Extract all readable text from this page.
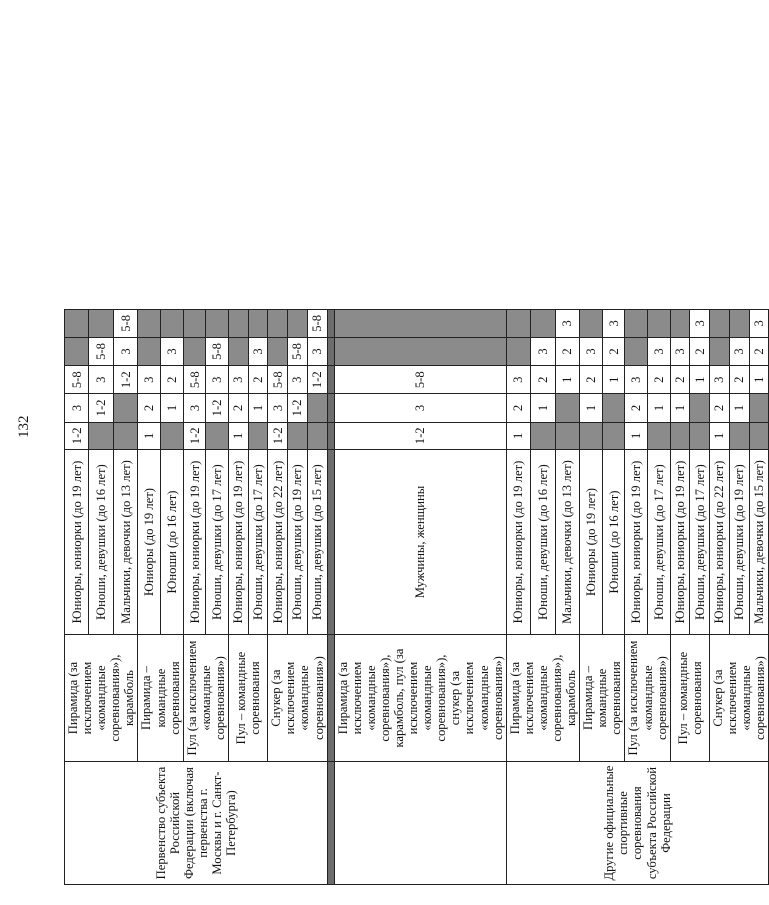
132
Первенство субъекта Российской Федерации (включая первенства г. Москвы и г. Санкт-Петербурга)	Пирамида (за исключением «командные соревнования»), карамболь	Юниоры, юниорки (до 19 лет)	1-2	3	5-8		
		Юноши, девушки (до 16 лет)		1-2	3	5-8	
		Мальчики, девочки (до 13 лет)			1-2	3	5-8
	Пирамида – командные соревнования	Юниоры (до 19 лет)	1	2	3		
		Юноши (до 16 лет)		1	2	3	
	Пул (за исключением «командные соревнования»)	Юниоры, юниорки (до 19 лет)	1-2	3	5-8		
		Юноши, девушки (до 17 лет)		1-2	3	5-8	
	Пул – командные соревнования	Юниоры, юниорки (до 19 лет)	1	2	3		
		Юноши, девушки (до 17 лет)		1	2	3	
	Снукер (за исключением «командные соревнования»)	Юниоры, юниорки (до 22 лет)	1-2	3	5-8		
		Юноши, девушки (до 19 лет)		1-2	3	5-8	
		Юноши, девушки (до 15 лет)			1-2	3	5-8

	Пирамида (за исключением «командные соревнования»), карамболь, пул (за исключением «командные соревнования»), снукер (за исключением «командные соревнования»)	Мужчины, женщины	1-2	3	5-8		
Другие официальные спортивные соревнования субъекта Российской Федерации	Пирамида (за исключением «командные соревнования»), карамболь	Юниоры, юниорки (до 19 лет)	1	2	3		
		Юноши, девушки (до 16 лет)		1	2	3	
		Мальчики, девочки (до 13 лет)			1	2	3
	Пирамида – командные соревнования	Юниоры (до 19 лет)		1	2	3	
		Юноши (до 16 лет)			1	2	3
	Пул (за исключением «командные соревнования»)	Юниоры, юниорки (до 19 лет)	1	2	3		
		Юноши, девушки (до 17 лет)		1	2	3	
	Пул – командные соревнования	Юниоры, юниорки (до 19 лет)		1	2	3	
		Юноши, девушки (до 17 лет)			1	2	3
	Снукер (за исключением «командные соревнования»)	Юниоры, юниорки (до 22 лет)	1	2	3		
		Юноши, девушки (до 19 лет)		1	2	3	
		Мальчики, девочки (до 15 лет)			1	2	3
